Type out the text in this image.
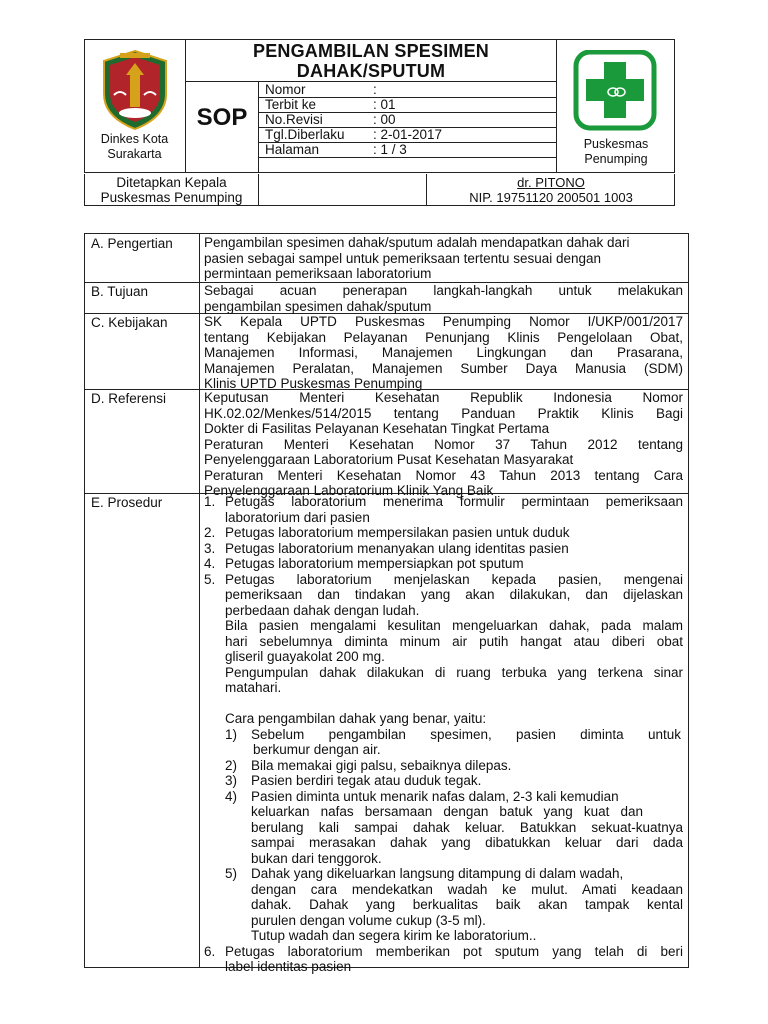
Dinkes Kota
Surakarta
PENGAMBILAN SPESIMEN
DAHAK/SPUTUM
SOP
Nomor	:
Terbit ke	: 01
No.Revisi	: 00
Tgl.Diberlaku : 2-01-2017
Halaman	: 1 / 3	Puskesmas
Penumping
Ditetapkan Kepala
Puskesmas Penumping
dr. PITONO
NIP. 19751120 200501 1003
A. Pengertian Pengambilan spesimen dahak/sputum adalah mendapatkan dahak dari
pasien sebagai sampel untuk pemeriksaan tertentu sesuai dengan
permintaan pemeriksaan laboratorium
B. Tujuan	Sebagai acuan penerapan langkah-langkah untuk melakukan
pengambilan spesimen dahak/sputum
C. Kebijakan	SK Kepala UPTD Puskesmas Penumping Nomor I/UKP/001/2017
tentang Kebijakan Pelayanan Penunjang Klinis Pengelolaan Obat,
Manajemen Informasi, Manajemen Lingkungan dan Prasarana,
Manajemen Peralatan, Manajemen Sumber Daya Manusia (SDM)
Klinis UPTD Puskesmas Penumping
D. Referensi	Keputusan Menteri Kesehatan Republik Indonesia Nomor
HK.02.02/Menkes/514/2015 tentang Panduan Praktik Klinis Bagi
Dokter di Fasilitas Pelayanan Kesehatan Tingkat Pertama
Peraturan Menteri Kesehatan Nomor 37 Tahun 2012 tentang
Penyelenggaraan Laboratorium Pusat Kesehatan Masyarakat
Peraturan Menteri Kesehatan Nomor 43 Tahun 2013 tentang Cara
Penyelenggaraan Laboratorium Klinik Yang Baik
E. Prosedur	1. Petugas laboratorium menerima formulir permintaan pemeriksaan
laboratorium dari pasien
2. Petugas laboratorium mempersilakan pasien untuk duduk
3. Petugas laboratorium menanyakan ulang identitas pasien
4. Petugas laboratorium mempersiapkan pot sputum
5. Petugas laboratorium menjelaskan kepada pasien, mengenai
pemeriksaan dan tindakan yang akan dilakukan, dan dijelaskan
perbedaan dahak dengan ludah.
Bila pasien mengalami kesulitan mengeluarkan dahak, pada malam
hari sebelumnya diminta minum air putih hangat atau diberi obat
gliseril guayakolat 200 mg.
Pengumpulan dahak dilakukan di ruang terbuka yang terkena sinar
matahari.
Cara pengambilan dahak yang benar, yaitu:
1) Sebelum pengambilan spesimen, pasien diminta untuk
berkumur dengan air.
2) Bila memakai gigi palsu, sebaiknya dilepas.
3) Pasien berdiri tegak atau duduk tegak.
4) Pasien diminta untuk menarik nafas dalam, 2-3 kali kemudian
keluarkan nafas bersamaan dengan batuk yang kuat dan
berulang kali sampai dahak keluar. Batukkan sekuat-kuatnya
sampai merasakan dahak yang dibatukkan keluar dari dada
bukan dari tenggorok.
5) Dahak yang dikeluarkan langsung ditampung di dalam wadah,
dengan cara mendekatkan wadah ke mulut. Amati keadaan
dahak. Dahak yang berkualitas baik akan tampak kental
purulen dengan volume cukup (3-5 ml).
Tutup wadah dan segera kirim ke laboratorium..
6. Petugas laboratorium memberikan pot sputum yang telah di beri
label identitas pasien
